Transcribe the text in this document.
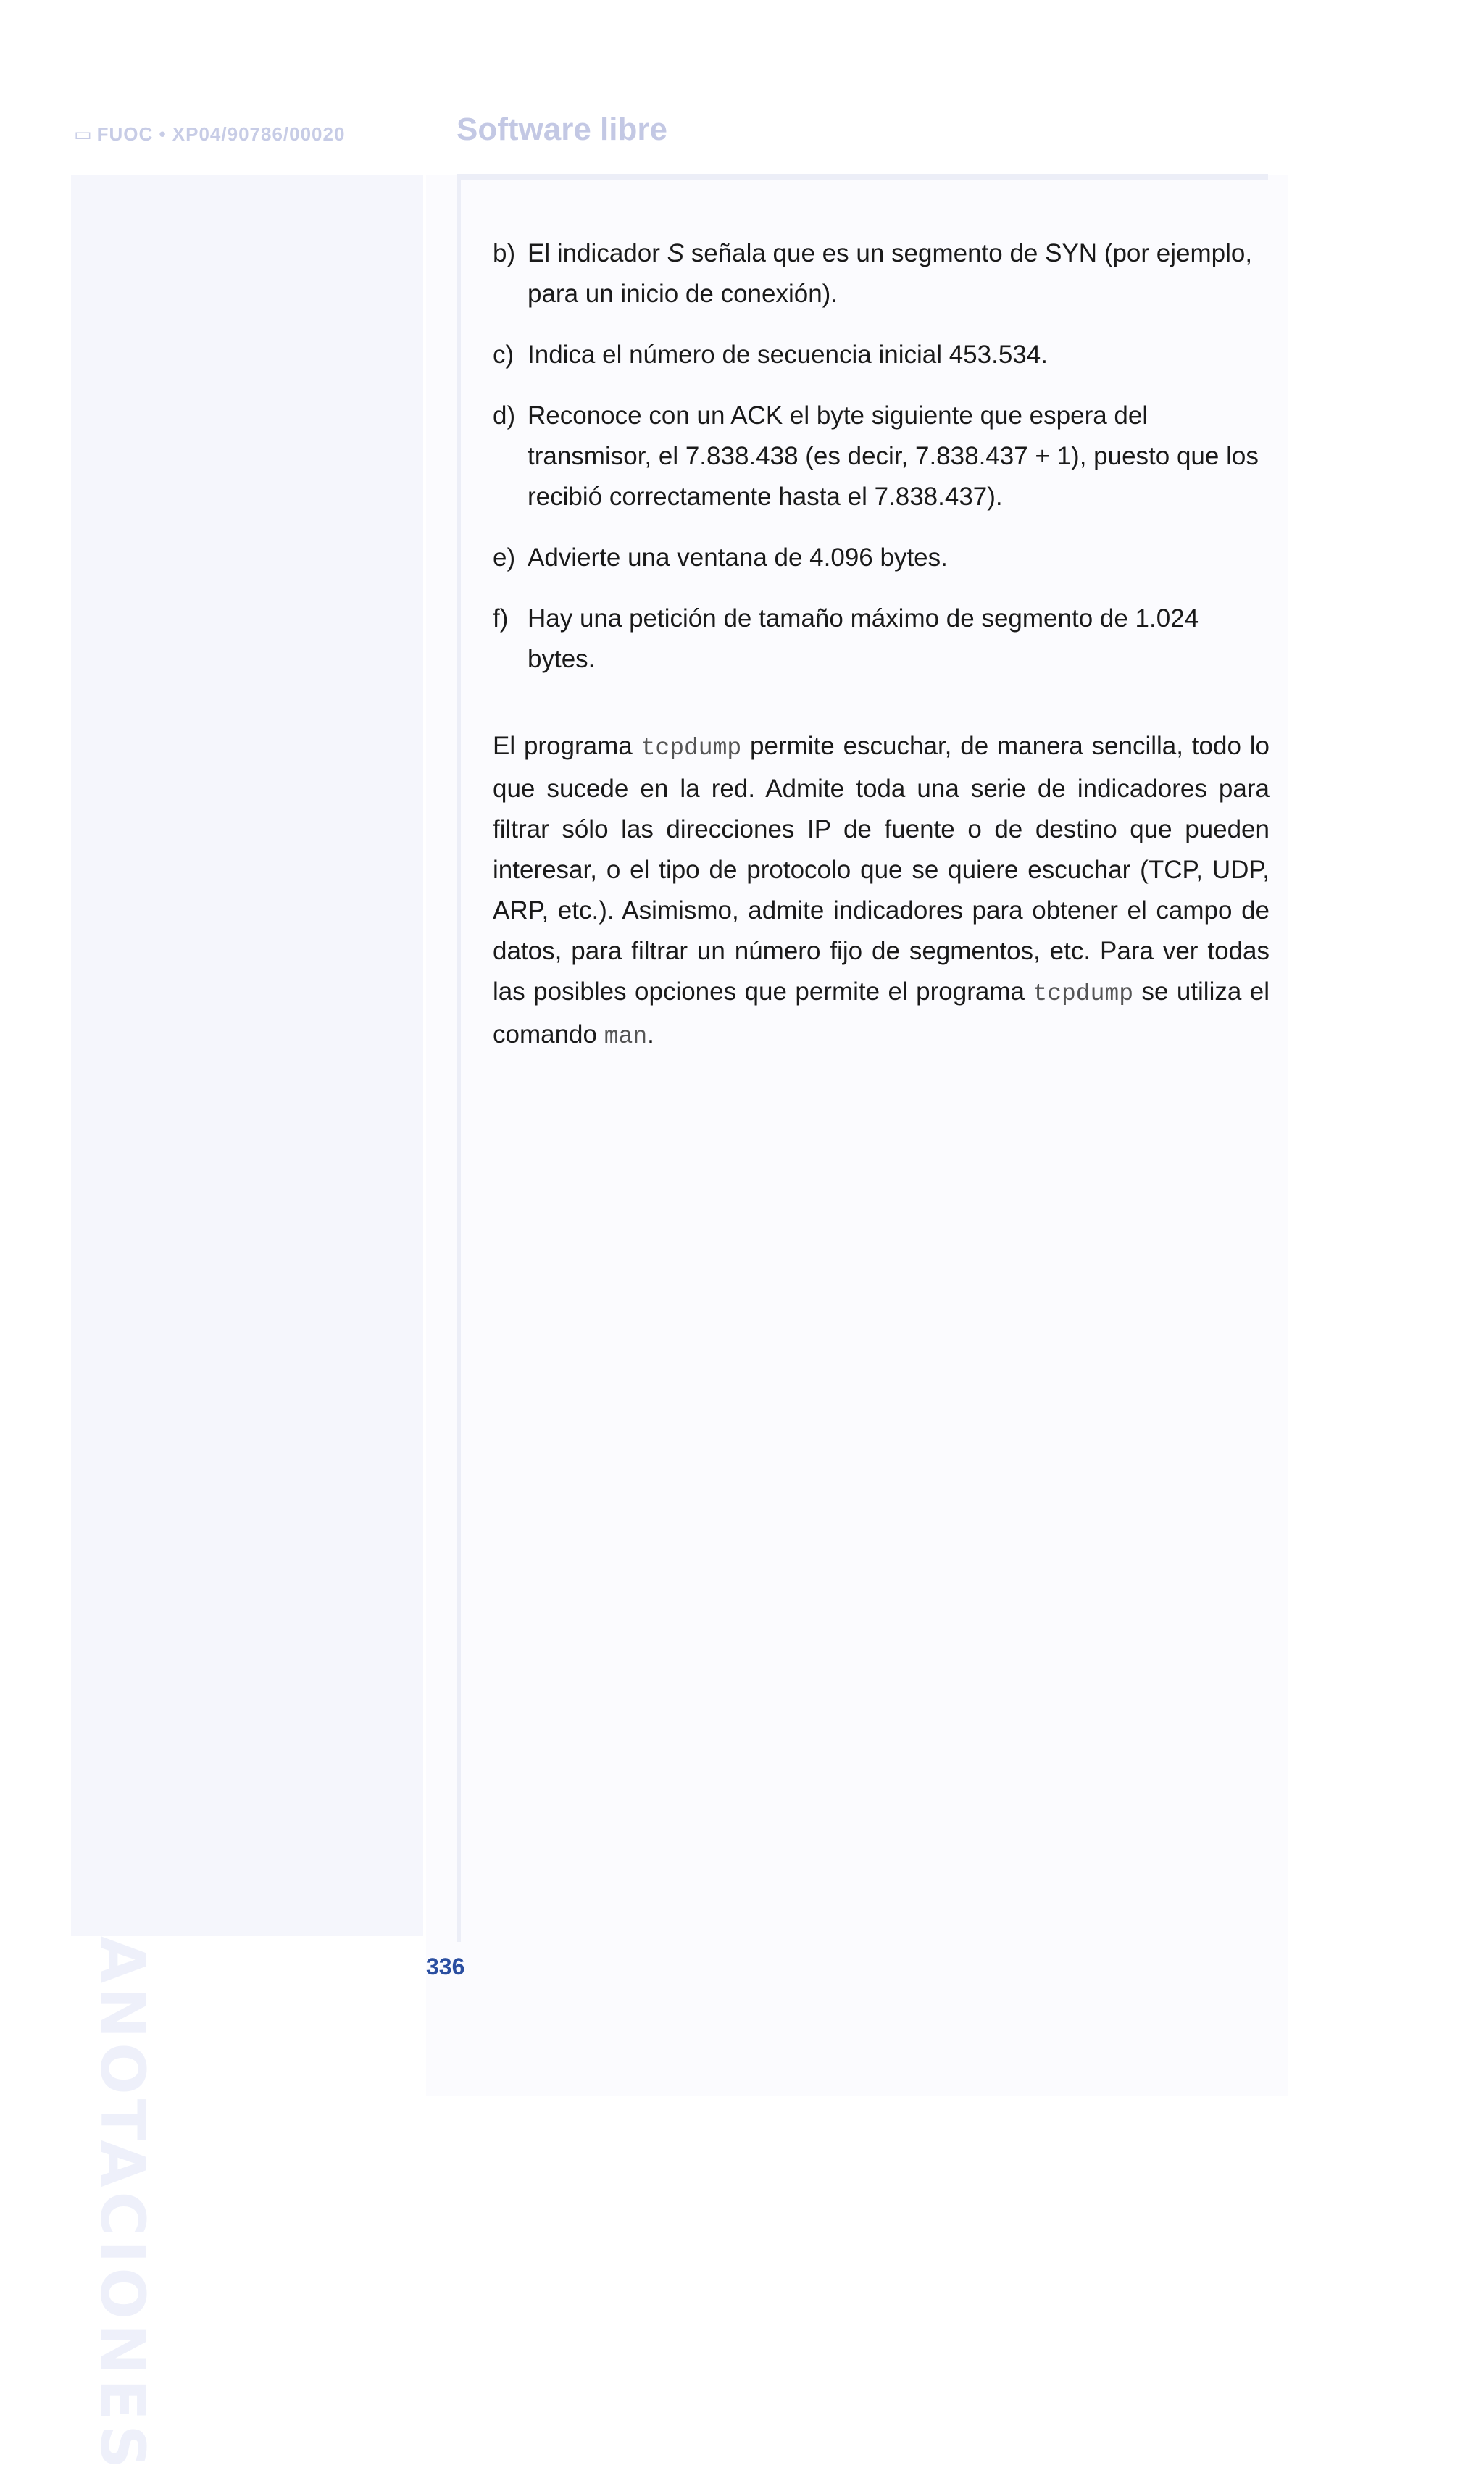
ANOTACIONES
▭ FUOC • XP04/90786/00020	Software libre
b) El indicador S señala que es un segmento de SYN (por ejemplo, para un inicio de conexión).
c) Indica el número de secuencia inicial 453.534.
d) Reconoce con un ACK el byte siguiente que espera del transmisor, el 7.838.438 (es decir, 7.838.437 + 1), puesto que los recibió correctamente hasta el 7.838.437).
e) Advierte una ventana de 4.096 bytes.
f) Hay una petición de tamaño máximo de segmento de 1.024 bytes.

El programa tcpdump permite escuchar, de manera sencilla, todo lo que sucede en la red. Admite toda una serie de indicadores para filtrar sólo las direcciones IP de fuente o de destino que pueden interesar, o el tipo de protocolo que se quiere escuchar (TCP, UDP, ARP, etc.). Asimismo, admite indicadores para obtener el campo de datos, para filtrar un número fijo de segmentos, etc. Para ver todas las posibles opciones que permite el programa tcpdump se utiliza el comando man.

336
